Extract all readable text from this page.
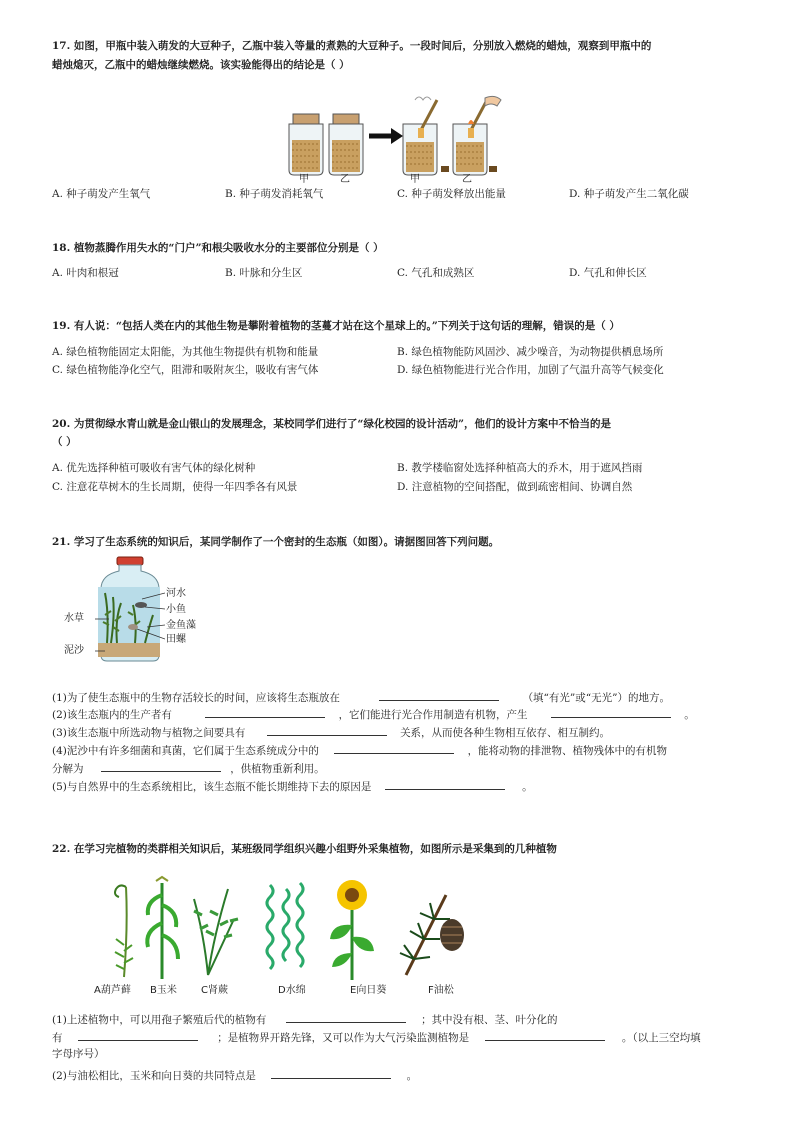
17. 如图，甲瓶中装入萌发的大豆种子，乙瓶中装入等量的煮熟的大豆种子。一段时间后，分别放入燃烧的蜡烛，观察到甲瓶中的
蜡烛熄灭，乙瓶中的蜡烛继续燃烧。该实验能得出的结论是（ ）
甲	乙	甲	乙
A. 种子萌发产生氧气	B. 种子萌发消耗氧气	C. 种子萌发释放出能量	D. 种子萌发产生二氧化碳
18. 植物蒸腾作用失水的“门户”和根尖吸收水分的主要部位分别是（ ）
A. 叶肉和根冠	B. 叶脉和分生区	C. 气孔和成熟区	D. 气孔和伸长区
19. 有人说：“包括人类在内的其他生物是攀附着植物的茎蔓才站在这个星球上的。”下列关于这句话的理解，错误的是（ ）
A. 绿色植物能固定太阳能，为其他生物提供有机物和能量	B. 绿色植物能防风固沙、减少噪音，为动物提供栖息场所
C. 绿色植物能净化空气，阻滞和吸附灰尘，吸收有害气体	D. 绿色植物能进行光合作用，加剧了气温升高等气候变化
20. 为贯彻绿水青山就是金山银山的发展理念，某校同学们进行了“绿化校园的设计活动”，他们的设计方案中不恰当的是
（ ）
A. 优先选择种植可吸收有害气体的绿化树种	B. 教学楼临窗处选择种植高大的乔木，用于遮风挡雨
C. 注意花草树木的生长周期，使得一年四季各有风景	D. 注意植物的空间搭配，做到疏密相间、协调自然
21. 学习了生态系统的知识后，某同学制作了一个密封的生态瓶（如图）。请据图回答下列问题。
河水
小鱼
金鱼藻
田螺
水草
泥沙
(1)为了使生态瓶中的生物存活较长的时间，应该将生态瓶放在	（填“有光”或“无光”）的地方。
(2)该生态瓶内的生产者有	，它们能进行光合作用制造有机物，产生	。
(3)该生态瓶中所选动物与植物之间要具有	关系，从而使各种生物相互依存、相互制约。
(4)泥沙中有许多细菌和真菌，它们属于生态系统成分中的	，能将动物的排泄物、植物残体中的有机物
分解为	，供植物重新利用。
(5)与自然界中的生态系统相比，该生态瓶不能长期维持下去的原因是	。
22. 在学习完植物的类群相关知识后，某班级同学组织兴趣小组野外采集植物，如图所示是采集到的几种植物
A葫芦藓 B玉米 C肾蕨	D水绵	E向日葵	F油松
(1)上述植物中，可以用孢子繁殖后代的植物有	；其中没有根、茎、叶分化的
有	；是植物界开路先锋，又可以作为大气污染监测植物是	。（以上三空均填
字母序号）
(2)与油松相比，玉米和向日葵的共同特点是	。
